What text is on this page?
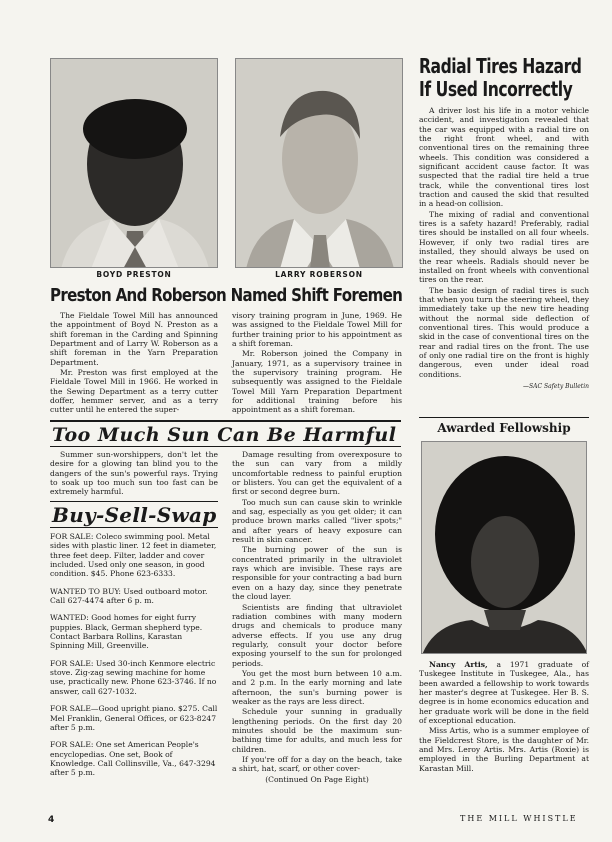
BOYD PRESTON	LARRY ROBERSON
Preston And Roberson Named Shift Foremen

The Fieldale Towel Mill has announced the appointment of Boyd N. Preston as a shift foreman in the Carding and Spinning Department and of Larry W. Roberson as a shift foreman in the Yarn Preparation Department.

Mr. Preston was first employed at the Fieldale Towel Mill in 1966. He worked in the Sewing Department as a terry cutter doffer, hemmer server, and as a terry cutter until he entered the super-

visory training program in June, 1969. He was assigned to the Fieldale Towel Mill for further training prior to his appointment as a shift foreman.

Mr. Roberson joined the Company in January, 1971, as a supervisory trainee in the supervisory training program. He subsequently was assigned to the Fieldale Towel Mill Yarn Preparation Department for additional training before his appointment as a shift foreman.

Radial Tires Hazard
If Used Incorrectly

A driver lost his life in a motor vehicle accident, and investigation revealed that the car was equipped with a radial tire on the right front wheel, and with conventional tires on the remaining three wheels. This condition was considered a significant accident cause factor. It was suspected that the radial tire held a true track, while the conventional tires lost traction and caused the skid that resulted in a head-on collision.

The mixing of radial and conventional tires is a safety hazard! Preferably, radial tires should be installed on all four wheels. However, if only two radial tires are installed, they should always be used on the rear wheels. Radials should never be installed on front wheels with conventional tires on the rear.

The basic design of radial tires is such that when you turn the steering wheel, they immediately take up the new tire heading without the normal side deflection of conventional tires. This would produce a skid in the case of conventional tires on the rear and radial tires on the front. The use of only one radial tire on the front is highly dangerous, even under ideal road conditions.

—SAC Safety Bulletin
Too Much Sun Can Be Harmful

Summer sun-worshippers, don't let the desire for a glowing tan blind you to the dangers of the sun's powerful rays. Trying to soak up too much sun too fast can be extremely harmful.

Damage resulting from overexposure to the sun can vary from a mildly uncomfortable redness to painful eruption or blisters. You can get the equivalent of a first or second degree burn.

Too much sun can cause skin to wrinkle and sag, especially as you get older; it can produce brown marks called "liver spots;" and after years of heavy exposure can result in skin cancer.

The burning power of the sun is concentrated primarily in the ultraviolet rays which are invisible. These rays are responsible for your contracting a bad burn even on a hazy day, since they penetrate the cloud layer.

Scientists are finding that ultraviolet radiation combines with many modern drugs and chemicals to produce many adverse effects. If you use any drug regularly, consult your doctor before exposing yourself to the sun for prolonged periods.

You get the most burn between 10 a.m. and 2 p.m. In the early morning and late afternoon, the sun's burning power is weaker as the rays are less direct.

Schedule your sunning in gradually lengthening periods. On the first day 20 minutes should be the maximum sun-bathing time for adults, and much less for children.

If you're off for a day on the beach, take a shirt, hat, scarf, or other cover-

(Continued On Page Eight)
Buy-Sell-Swap
FOR SALE: Coleco swimming pool. Metal sides with plastic liner. 12 feet in diameter, three feet deep. Filter, ladder and cover included. Used only one season, in good condition. $45. Phone 623-6333.
WANTED TO BUY: Used outboard motor. Call 627-4474 after 6 p. m.
WANTED: Good homes for eight furry puppies. Black, German shepherd type. Contact Barbara Rollins, Karastan Spinning Mill, Greenville.
FOR SALE: Used 30-inch Kenmore electric stove. Zig-zag sewing machine for home use, practically new. Phone 623-3746. If no answer, call 627-1032.
FOR SALE—Good upright piano. $275. Call Mel Franklin, General Offices, or 623-8247 after 5 p.m.
FOR SALE: One set American People's encyclopedias. One set, Book of Knowledge. Call Collinsville, Va., 647-3294 after 5 p.m.
Awarded Fellowship

Nancy Artis, a 1971 graduate of Tuskegee Institute in Tuskegee, Ala., has been awarded a fellowship to work towards her master's degree at Tuskegee. Her B. S. degree is in home economics education and her graduate work will be done in the field of exceptional education.

Miss Artis, who is a summer employee of the Fieldcrest Store, is the daughter of Mr. and Mrs. Leroy Artis. Mrs. Artis (Roxie) is employed in the Burling Department at Karastan Mill.

4	THE MILL WHISTLE
